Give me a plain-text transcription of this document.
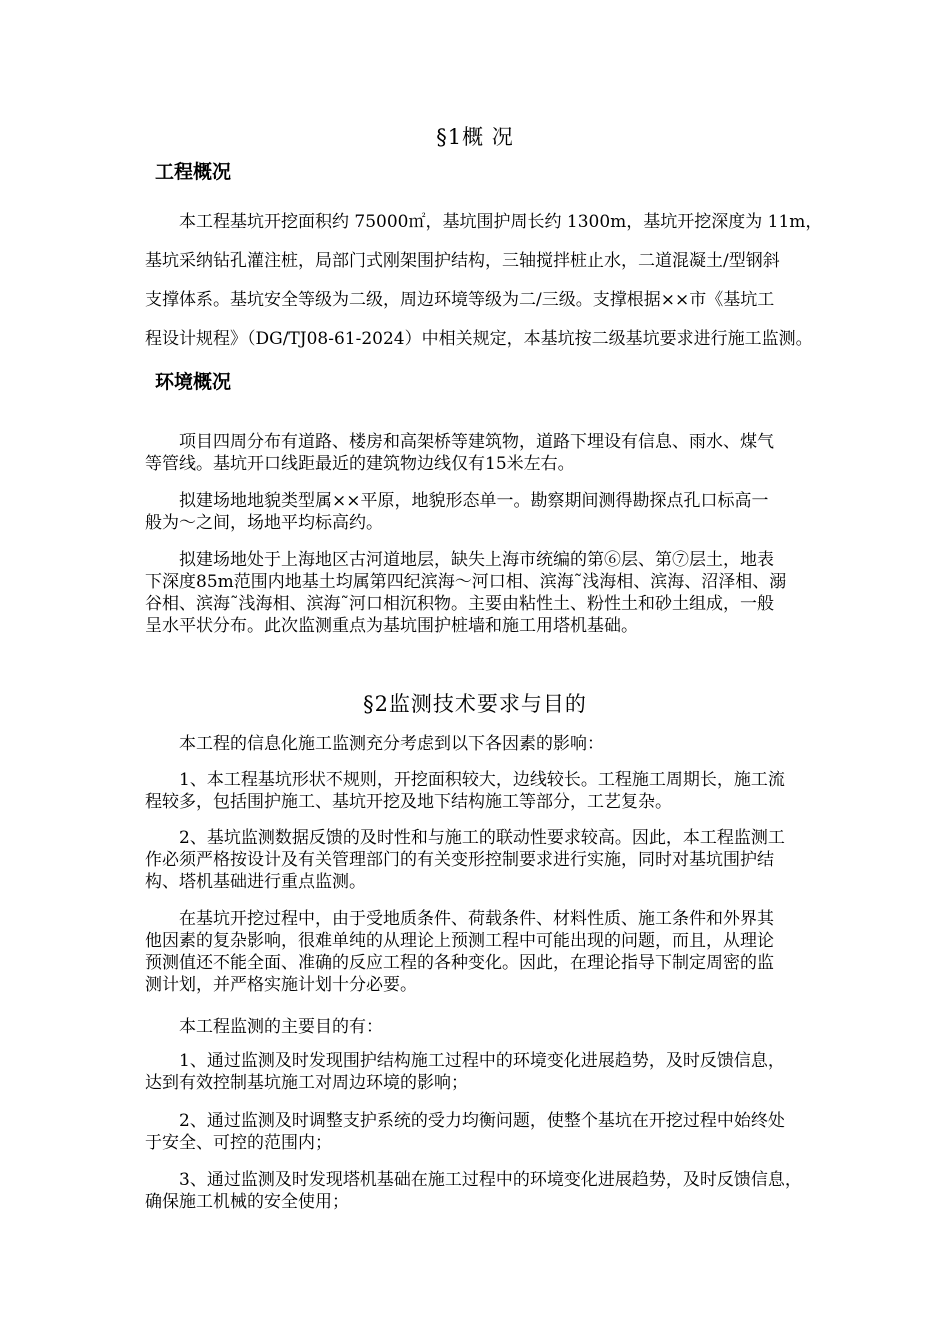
§1概 况
工程概况

本工程基坑开挖面积约 75000㎡，基坑围护周长约 1300m，基坑开挖深度为 11m，
基坑采纳钻孔灌注桩，局部门式刚架围护结构，三轴搅拌桩止水，二道混凝土/型钢斜
支撑体系。基坑安全等级为二级，周边环境等级为二/三级。支撑根据××市《基坑工
程设计规程》（DG/TJ08-61-2024）中相关规定，本基坑按二级基坑要求进行施工监测。

环境概况

项目四周分布有道路、楼房和高架桥等建筑物，道路下埋设有信息、雨水、煤气
等管线。基坑开口线距最近的建筑物边线仅有15米左右。

拟建场地地貌类型属××平原，地貌形态单一。勘察期间测得勘探点孔口标高一
般为～之间，场地平均标高约。

拟建场地处于上海地区古河道地层，缺失上海市统编的第⑥层、第⑦层土，地表
下深度85m范围内地基土均属第四纪滨海～河口相、滨海˜浅海相、滨海、沼泽相、溺
谷相、滨海˜浅海相、滨海˜河口相沉积物。主要由粘性土、粉性土和砂土组成，一般
呈水平状分布。此次监测重点为基坑围护桩墙和施工用塔机基础。

§2监测技术要求与目的

本工程的信息化施工监测充分考虑到以下各因素的影响：

1、本工程基坑形状不规则，开挖面积较大，边线较长。工程施工周期长，施工流
程较多，包括围护施工、基坑开挖及地下结构施工等部分，工艺复杂。

2、基坑监测数据反馈的及时性和与施工的联动性要求较高。因此，本工程监测工
作必须严格按设计及有关管理部门的有关变形控制要求进行实施，同时对基坑围护结
构、塔机基础进行重点监测。

在基坑开挖过程中，由于受地质条件、荷载条件、材料性质、施工条件和外界其
他因素的复杂影响，很难单纯的从理论上预测工程中可能出现的问题，而且，从理论
预测值还不能全面、准确的反应工程的各种变化。因此，在理论指导下制定周密的监
测计划，并严格实施计划十分必要。

本工程监测的主要目的有：

1、通过监测及时发现围护结构施工过程中的环境变化进展趋势，及时反馈信息，
达到有效控制基坑施工对周边环境的影响；

2、通过监测及时调整支护系统的受力均衡问题，使整个基坑在开挖过程中始终处
于安全、可控的范围内；

3、通过监测及时发现塔机基础在施工过程中的环境变化进展趋势，及时反馈信息，
确保施工机械的安全使用；
